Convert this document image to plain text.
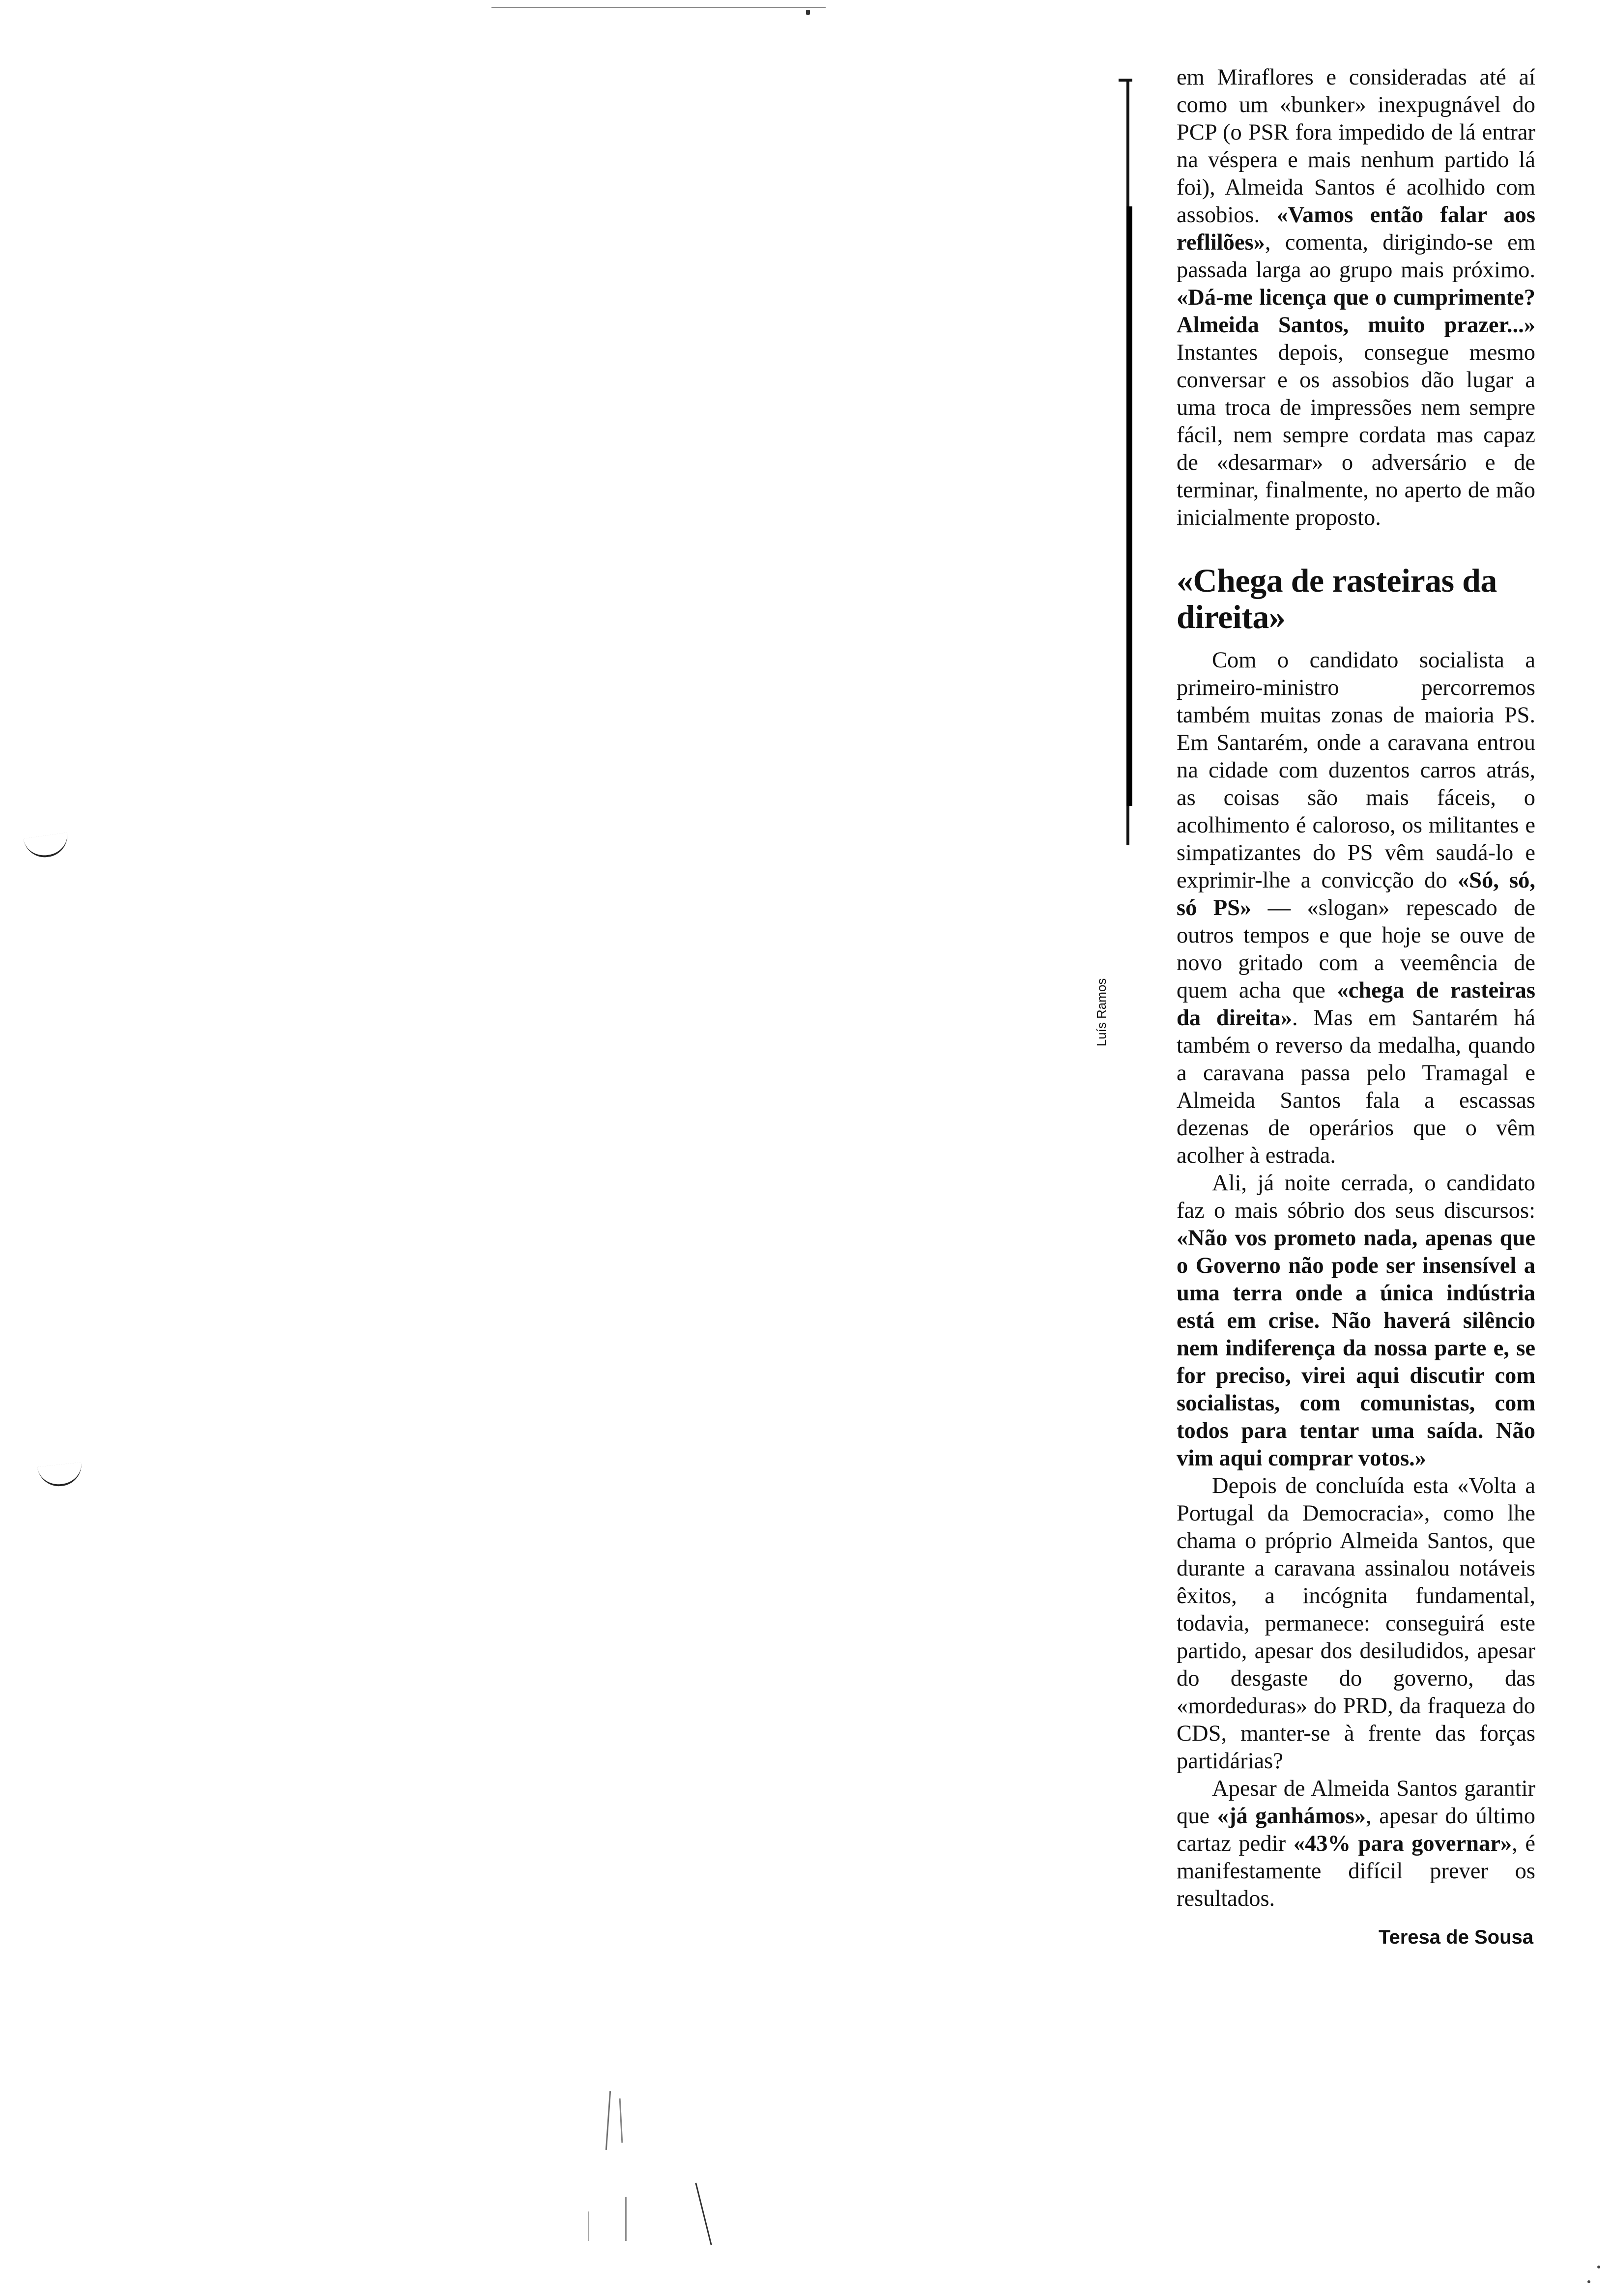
Luís Ramos

em Miraflores e consideradas até aí como um «bunker» inexpugnável do PCP (o PSR fora impedido de lá entrar na véspera e mais nenhum partido lá foi), Almeida Santos é acolhido com assobios. «Vamos então falar aos reflilões», comenta, dirigindo-se em passada larga ao grupo mais próximo. «Dá-me licença que o cumprimente? Almeida Santos, muito prazer...» Instantes depois, consegue mesmo conversar e os assobios dão lugar a uma troca de impressões nem sempre fácil, nem sempre cordata mas capaz de «desarmar» o adversário e de terminar, finalmente, no aperto de mão inicialmente proposto.

«Chega de rasteiras da direita»

Com o candidato socialista a primeiro-ministro percorremos também muitas zonas de maioria PS. Em Santarém, onde a caravana entrou na cidade com duzentos carros atrás, as coisas são mais fáceis, o acolhimento é caloroso, os militantes e simpatizantes do PS vêm saudá-lo e exprimir-lhe a convicção do «Só, só, só PS» — «slogan» repescado de outros tempos e que hoje se ouve de novo gritado com a veemência de quem acha que «chega de rasteiras da direita». Mas em Santarém há também o reverso da medalha, quando a caravana passa pelo Tramagal e Almeida Santos fala a escassas dezenas de operários que o vêm acolher à estrada.

Ali, já noite cerrada, o candidato faz o mais sóbrio dos seus discursos: «Não vos prometo nada, apenas que o Governo não pode ser insensível a uma terra onde a única indústria está em crise. Não haverá silêncio nem indiferença da nossa parte e, se for preciso, virei aqui discutir com socialistas, com comunistas, com todos para tentar uma saída. Não vim aqui comprar votos.»

Depois de concluída esta «Volta a Portugal da Democracia», como lhe chama o próprio Almeida Santos, que durante a caravana assinalou notáveis êxitos, a incógnita fundamental, todavia, permanece: conseguirá este partido, apesar dos desiludidos, apesar do desgaste do governo, das «mordeduras» do PRD, da fraqueza do CDS, manter-se à frente das forças partidárias?

Apesar de Almeida Santos garantir que «já ganhámos», apesar do último cartaz pedir «43% para governar», é manifestamente difícil prever os resultados.

Teresa de Sousa
